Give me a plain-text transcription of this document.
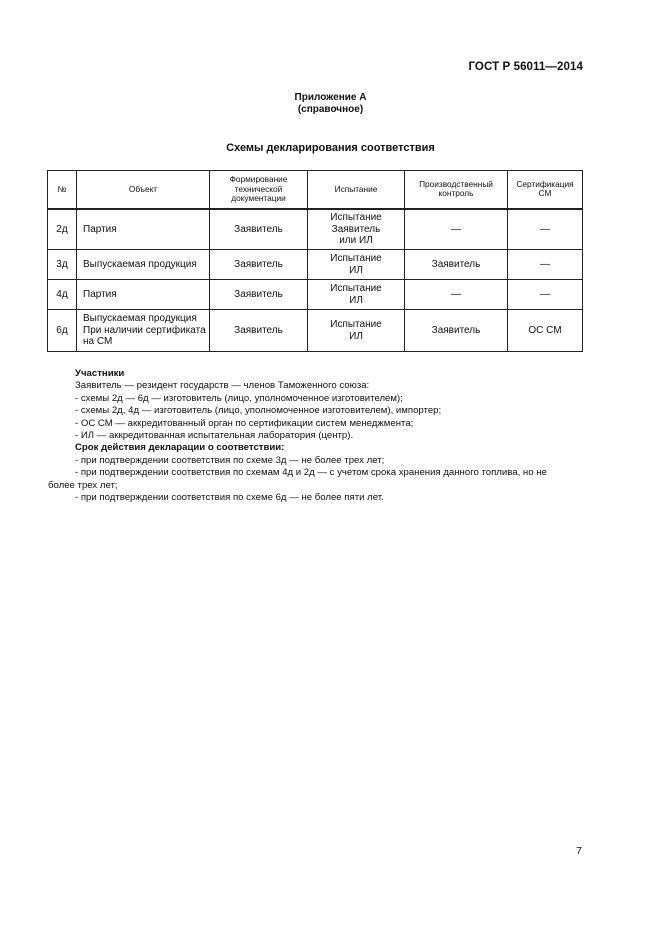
ГОСТ Р 56011—2014
Приложение А
(справочное)
Схемы декларирования соответствия
№	Объект	Формирование технической документации	Испытание	Производственный контроль	Сертификация СМ
2д	Партия	Заявитель	Испытание Заявитель или ИЛ	—	—
3д	Выпускаемая продукция	Заявитель	Испытание ИЛ	Заявитель	—
4д	Партия	Заявитель	Испытание ИЛ	—	—
6д	Выпускаемая продукция При наличии сертификата на СМ	Заявитель	Испытание ИЛ	Заявитель	ОС СМ

Участники

Заявитель — резидент государств — членов Таможенного союза:

- схемы 2д — 6д — изготовитель (лицо, уполномоченное изготовителем);

- схемы 2д, 4д — изготовитель (лицо, уполномоченное изготовителем), импортер;

- ОС СМ — аккредитованный орган по сертификации систем менеджмента;

- ИЛ — аккредитованная испытательная лаборатория (центр).

Срок действия декларации о соответствии:

- при подтверждении соответствия по схеме 3д — не более трех лет;

- при подтверждении соответствия по схемам 4д и 2д — с учетом срока хранения данного топлива, но не

более трех лет;

- при подтверждении соответствия по схеме 6д — не более пяти лет.

7
